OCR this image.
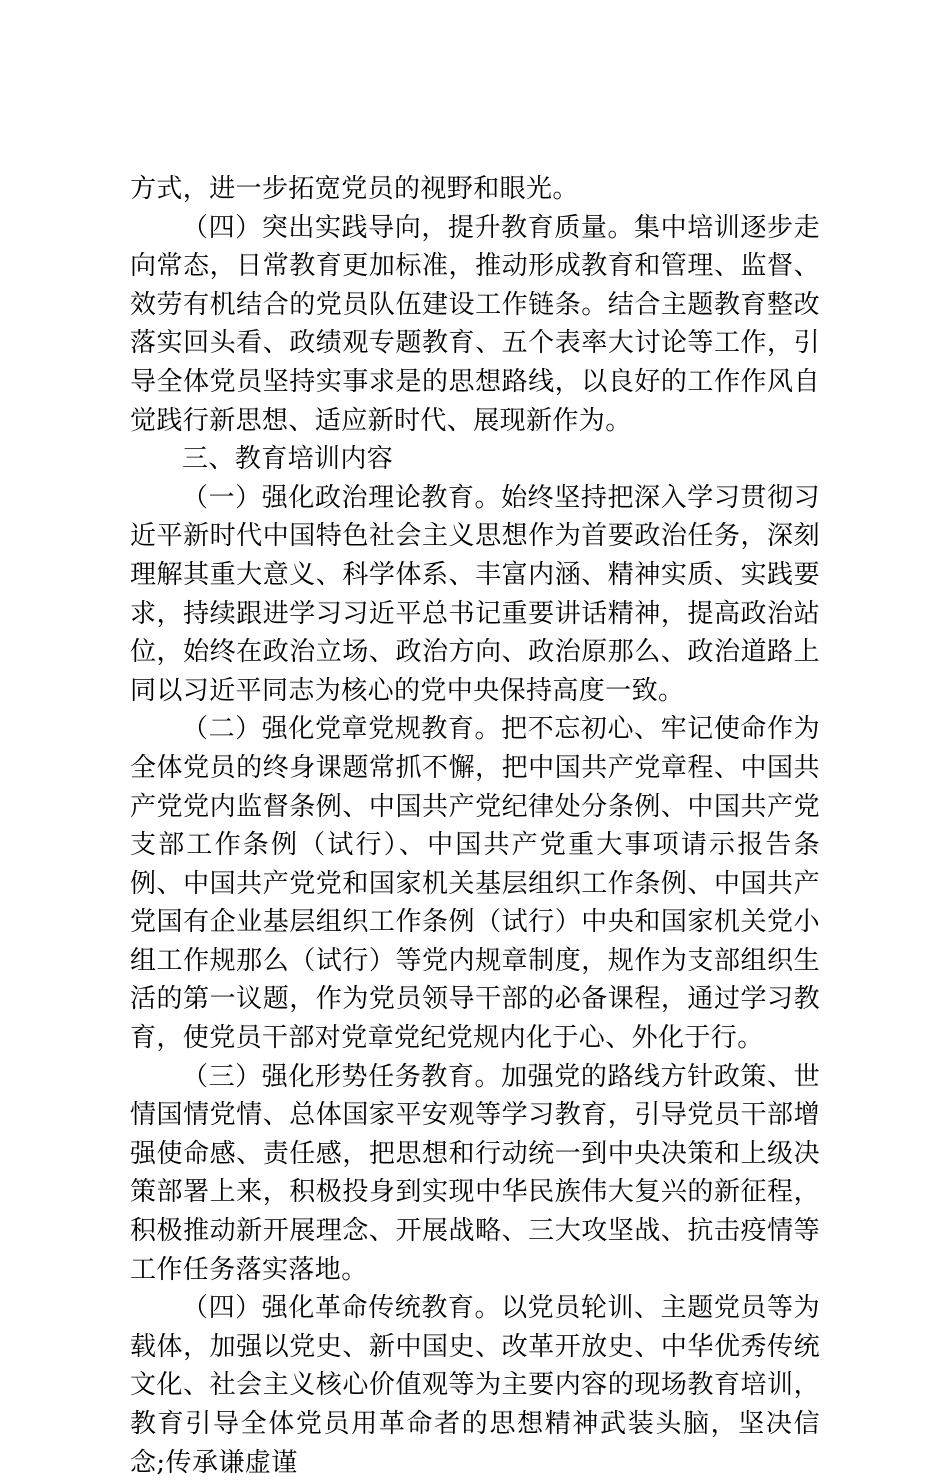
方式，进一步拓宽党员的视野和眼光。

（四）突出实践导向，提升教育质量。集中培训逐步走向常态，日常教育更加标准，推动形成教育和管理、监督、效劳有机结合的党员队伍建设工作链条。结合主题教育整改落实回头看、政绩观专题教育、五个表率大讨论等工作，引导全体党员坚持实事求是的思想路线，以良好的工作作风自觉践行新思想、适应新时代、展现新作为。

三、教育培训内容

（一）强化政治理论教育。始终坚持把深入学习贯彻习近平新时代中国特色社会主义思想作为首要政治任务，深刻理解其重大意义、科学体系、丰富内涵、精神实质、实践要求，持续跟进学习习近平总书记重要讲话精神，提高政治站位，始终在政治立场、政治方向、政治原那么、政治道路上同以习近平同志为核心的党中央保持高度一致。

（二）强化党章党规教育。把不忘初心、牢记使命作为全体党员的终身课题常抓不懈，把中国共产党章程、中国共产党党内监督条例、中国共产党纪律处分条例、中国共产党支部工作条例（试行）、中国共产党重大事项请示报告条例、中国共产党党和国家机关基层组织工作条例、中国共产党国有企业基层组织工作条例（试行）中央和国家机关党小组工作规那么（试行）等党内规章制度，规作为支部组织生活的第一议题，作为党员领导干部的必备课程，通过学习教育，使党员干部对党章党纪党规内化于心、外化于行。

（三）强化形势任务教育。加强党的路线方针政策、世情国情党情、总体国家平安观等学习教育，引导党员干部增强使命感、责任感，把思想和行动统一到中央决策和上级决策部署上来，积极投身到实现中华民族伟大复兴的新征程，积极推动新开展理念、开展战略、三大攻坚战、抗击疫情等工作任务落实落地。

（四）强化革命传统教育。以党员轮训、主题党员等为载体，加强以党史、新中国史、改革开放史、中华优秀传统文化、社会主义核心价值观等为主要内容的现场教育培训，教育引导全体党员用革命者的思想精神武装头脑，坚决信念;传承谦虚谨
